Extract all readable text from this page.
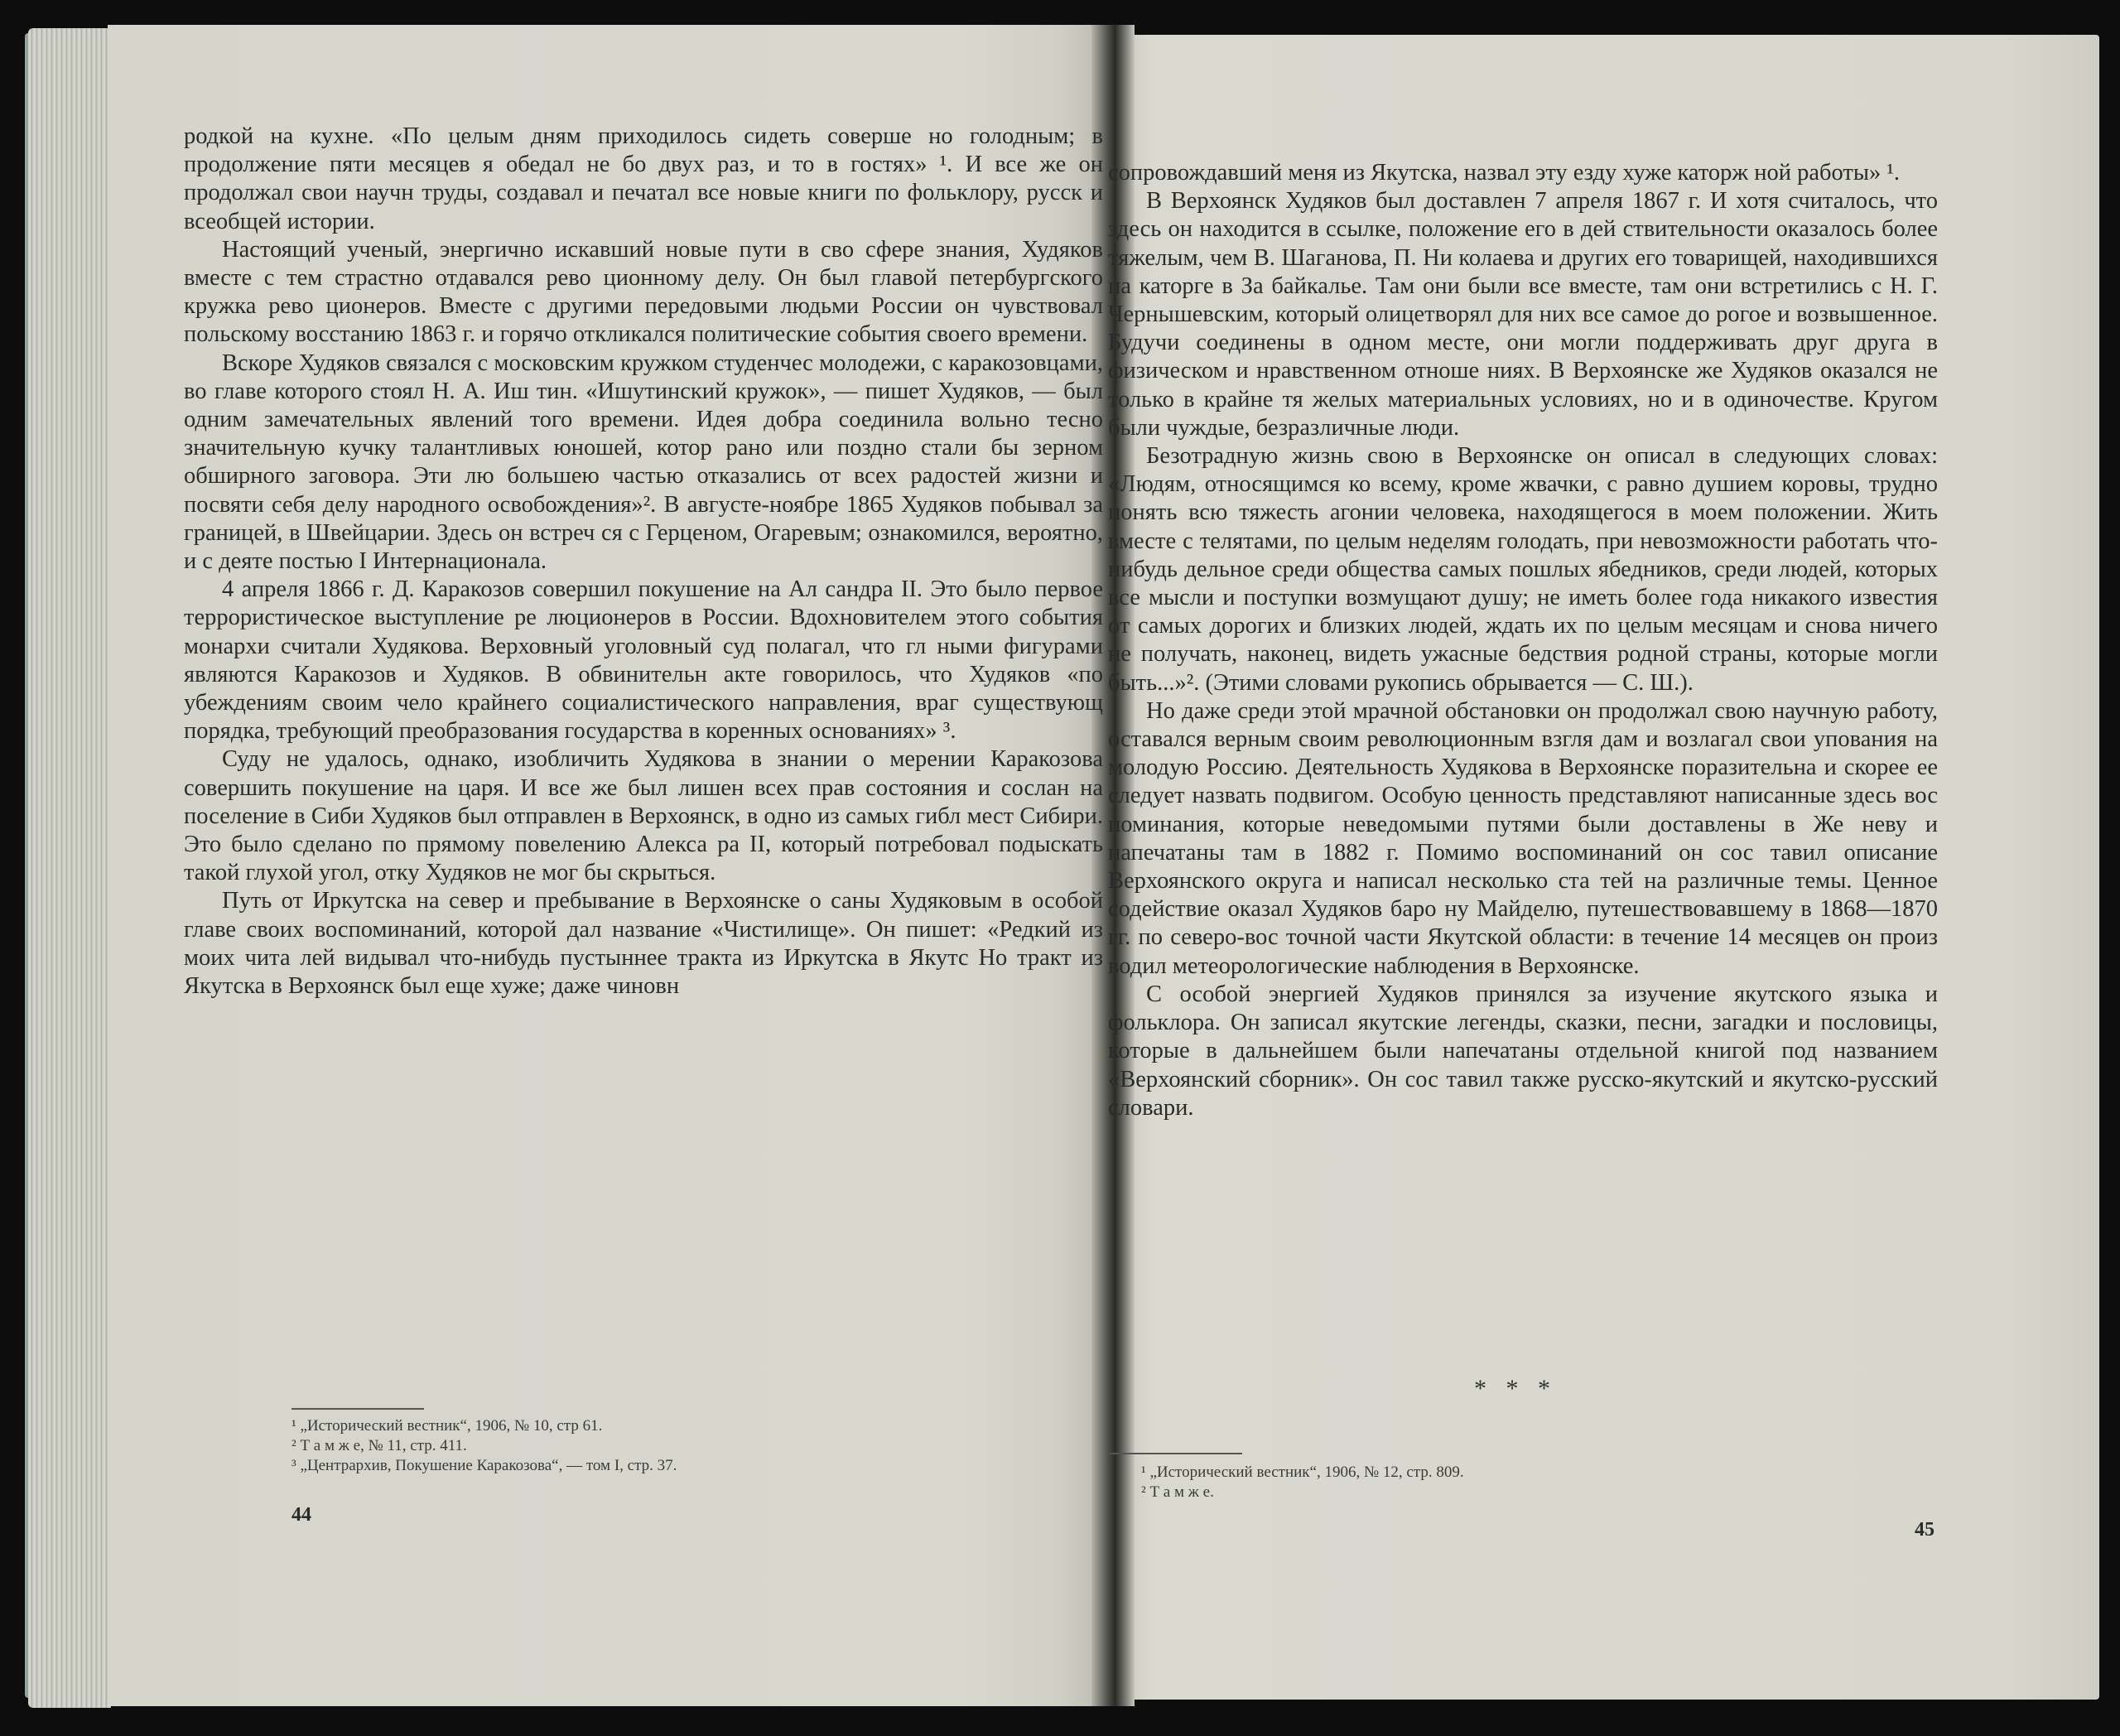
родкой на кухне. «По целым дням приходилось сидеть соверше но голодным; в продолжение пяти месяцев я обедал не бо двух раз, и то в гостях» ¹. И все же он продолжал свои научн труды, создавал и печатал все новые книги по фольклору, русск и всеобщей истории.

Настоящий ученый, энергично искавший новые пути в сво сфере знания, Худяков вместе с тем страстно отдавался рево ционному делу. Он был главой петербургского кружка рево ционеров. Вместе с другими передовыми людьми России он чувствовал польскому восстанию 1863 г. и горячо откликался политические события своего времени.

Вскоре Худяков связался с московским кружком студенчес молодежи, с каракозовцами, во главе которого стоял Н. А. Иш тин. «Ишутинский кружок», — пишет Худяков, — был одним замечательных явлений того времени. Идея добра соединила вольно тесно значительную кучку талантливых юношей, котор рано или поздно стали бы зерном обширного заговора. Эти лю большею частью отказались от всех радостей жизни и посвяти себя делу народного освобождения»². В августе-ноябре 1865 Худяков побывал за границей, в Швейцарии. Здесь он встреч ся с Герценом, Огаревым; ознакомился, вероятно, и с деяте постью I Интернационала.

4 апреля 1866 г. Д. Каракозов совершил покушение на Ал сандра II. Это было первое террористическое выступление ре люционеров в России. Вдохновителем этого события монархи считали Худякова. Верховный уголовный суд полагал, что гл ными фигурами являются Каракозов и Худяков. В обвинительн акте говорилось, что Худяков «по убеждениям своим чело крайнего социалистического направления, враг существующ порядка, требующий преобразования государства в коренных основаниях» ³.

Суду не удалось, однако, изобличить Худякова в знании о мерении Каракозова совершить покушение на царя. И все же был лишен всех прав состояния и сослан на поселение в Сиби Худяков был отправлен в Верхоянск, в одно из самых гибл мест Сибири. Это было сделано по прямому повелению Алекса ра II, который потребовал подыскать такой глухой угол, отку Худяков не мог бы скрыться.

Путь от Иркутска на север и пребывание в Верхоянске о саны Худяковым в особой главе своих воспоминаний, которой дал название «Чистилище». Он пишет: «Редкий из моих чита лей видывал что-нибудь пустыннее тракта из Иркутска в Якутс Но тракт из Якутска в Верхоянск был еще хуже; даже чиновн

¹ „Исторический вестник“, 1906, № 10, стр 61.
² Т а м ж е, № 11, стр. 411.
³ „Центрархив, Покушение Каракозова“, — том I, стр. 37.
44

сопровождавший меня из Якутска, назвал эту езду хуже каторж ной работы» ¹.

В Верхоянск Худяков был доставлен 7 апреля 1867 г. И хотя считалось, что здесь он находится в ссылке, положение его в дей ствительности оказалось более тяжелым, чем В. Шаганова, П. Ни колаева и других его товарищей, находившихся на каторге в За байкалье. Там они были все вместе, там они встретились с Н. Г. Чернышевским, который олицетворял для них все самое до рогое и возвышенное. Будучи соединены в одном месте, они могли поддерживать друг друга в физическом и нравственном отноше ниях. В Верхоянске же Худяков оказался не только в крайне тя желых материальных условиях, но и в одиночестве. Кругом были чуждые, безразличные люди.

Безотрадную жизнь свою в Верхоянске он описал в следующих словах: «Людям, относящимся ко всему, кроме жвачки, с равно душием коровы, трудно понять всю тяжесть агонии человека, находящегося в моем положении. Жить вместе с телятами, по целым неделям голодать, при невозможности работать что-нибудь дельное среди общества самых пошлых ябедников, среди людей, которых все мысли и поступки возмущают душу; не иметь более года никакого известия от самых дорогих и близких людей, ждать их по целым месяцам и снова ничего не получать, наконец, видеть ужасные бедствия родной страны, которые могли быть...»². (Этими словами рукопись обрывается — С. Ш.).

Но даже среди этой мрачной обстановки он продолжал свою научную работу, оставался верным своим революционным взгля дам и возлагал свои упования на молодую Россию. Деятельность Худякова в Верхоянске поразительна и скорее ее следует назвать подвигом. Особую ценность представляют написанные здесь вос поминания, которые неведомыми путями были доставлены в Же неву и напечатаны там в 1882 г. Помимо воспоминаний он сос тавил описание Верхоянского округа и написал несколько ста тей на различные темы. Ценное содействие оказал Худяков баро ну Майделю, путешествовавшему в 1868—1870 гг. по северо-вос точной части Якутской области: в течение 14 месяцев он произ водил метеорологические наблюдения в Верхоянске.

С особой энергией Худяков принялся за изучение якутского языка и фольклора. Он записал якутские легенды, сказки, песни, загадки и пословицы, которые в дальнейшем были напечатаны отдельной книгой под названием «Верхоянский сборник». Он сос тавил также русско-якутский и якутско-русский словари.

* * *
¹ „Исторический вестник“, 1906, № 12, стр. 809.
² Т а м ж е.
45
